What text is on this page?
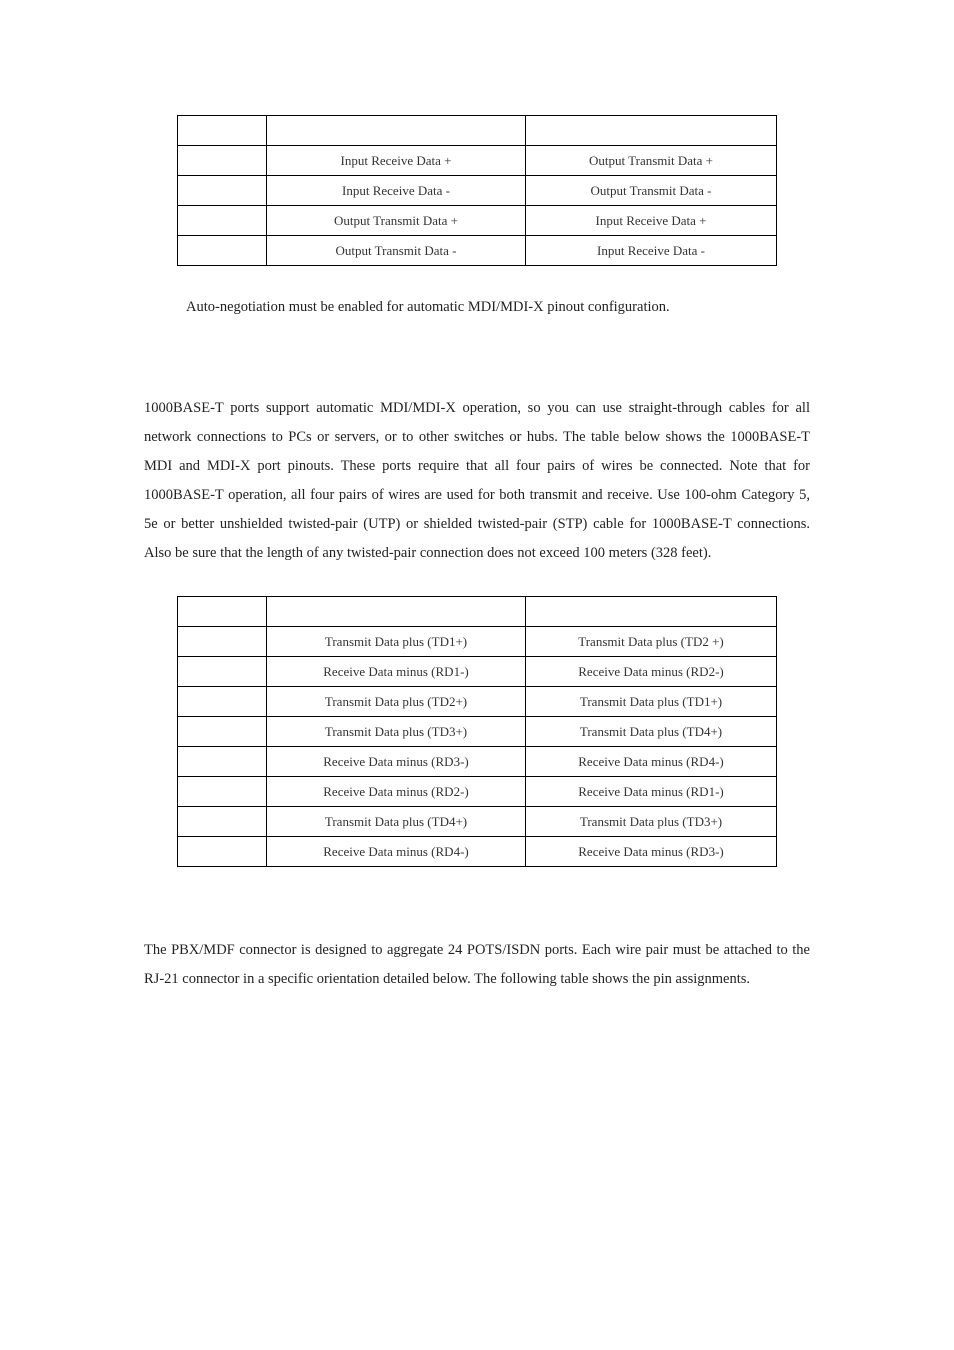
	Input Receive Data +	Output Transmit Data +
	Input Receive Data -	Output Transmit Data -
	Output Transmit Data +	Input Receive Data +
	Output Transmit Data -	Input Receive Data -

Auto-negotiation must be enabled for automatic MDI/MDI-X pinout configuration.

1000BASE-T ports support automatic MDI/MDI-X operation, so you can use straight-through cables for all network connections to PCs or servers, or to other switches or hubs. The table below shows the 1000BASE-T MDI and MDI-X port pinouts. These ports require that all four pairs of wires be connected. Note that for 1000BASE-T operation, all four pairs of wires are used for both transmit and receive. Use 100-ohm Category 5, 5e or better unshielded twisted-pair (UTP) or shielded twisted-pair (STP) cable for 1000BASE-T connections. Also be sure that the length of any twisted-pair connection does not exceed 100 meters (328 feet).

	Transmit Data plus (TD1+)	Transmit Data plus (TD2 +)
	Receive Data minus (RD1-)	Receive Data minus (RD2-)
	Transmit Data plus (TD2+)	Transmit Data plus (TD1+)
	Transmit Data plus (TD3+)	Transmit Data plus (TD4+)
	Receive Data minus (RD3-)	Receive Data minus (RD4-)
	Receive Data minus (RD2-)	Receive Data minus (RD1-)
	Transmit Data plus (TD4+)	Transmit Data plus (TD3+)
	Receive Data minus (RD4-)	Receive Data minus (RD3-)

The PBX/MDF connector is designed to aggregate 24 POTS/ISDN ports. Each wire pair must be attached to the RJ-21 connector in a specific orientation detailed below. The following table shows the pin assignments.
